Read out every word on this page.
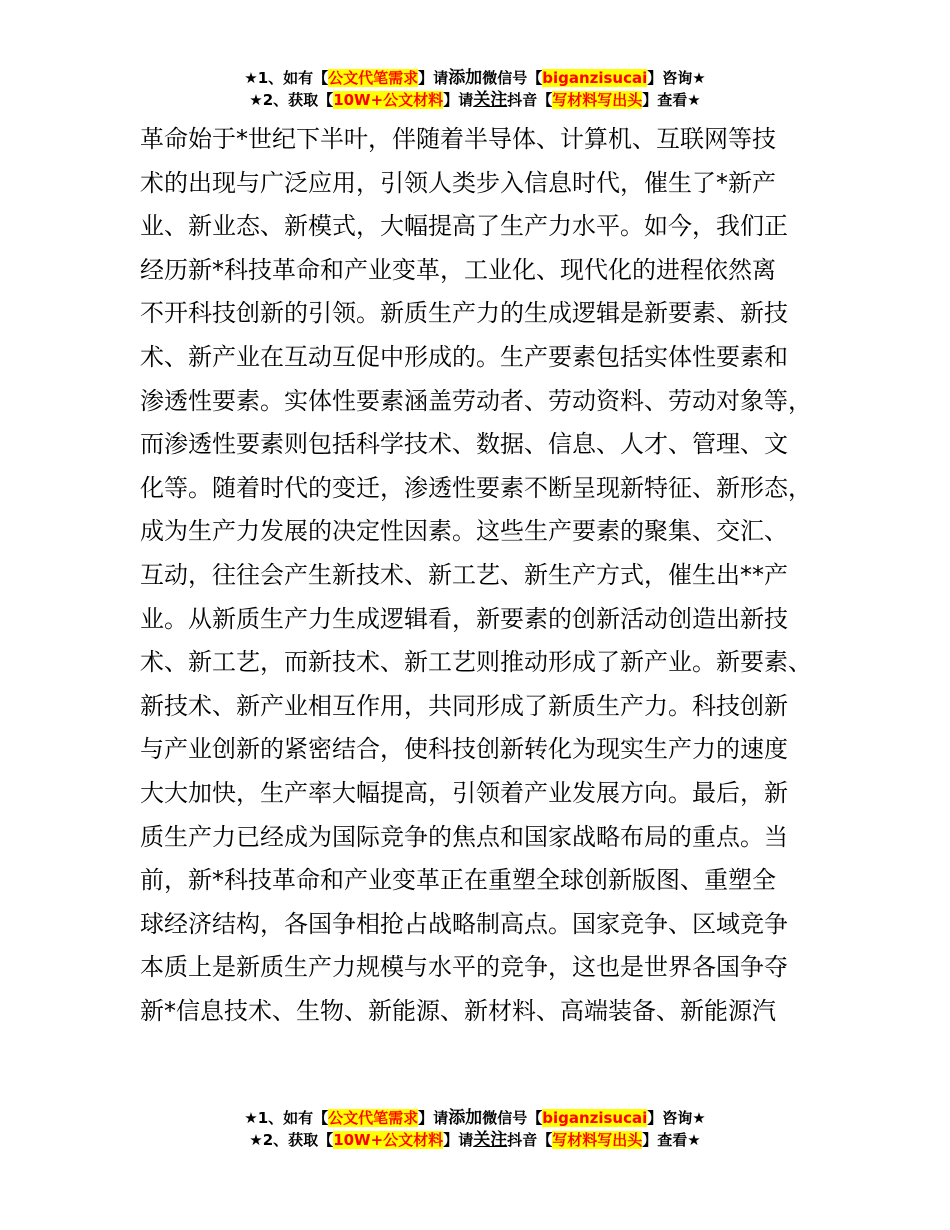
★1、如有【公文代笔需求】请添加微信号【biganzisucai】咨询★
★2、获取【10W+公文材料】请关注抖音【写材料写出头】查看★
革命始于*世纪下半叶，伴随着半导体、计算机、互联网等技
术的出现与广泛应用，引领人类步入信息时代，催生了*新产
业、新业态、新模式，大幅提高了生产力水平。如今，我们正
经历新*科技革命和产业变革，工业化、现代化的进程依然离
不开科技创新的引领。新质生产力的生成逻辑是新要素、新技
术、新产业在互动互促中形成的。生产要素包括实体性要素和
渗透性要素。实体性要素涵盖劳动者、劳动资料、劳动对象等，
而渗透性要素则包括科学技术、数据、信息、人才、管理、文
化等。随着时代的变迁，渗透性要素不断呈现新特征、新形态，
成为生产力发展的决定性因素。这些生产要素的聚集、交汇、
互动，往往会产生新技术、新工艺、新生产方式，催生出**产
业。从新质生产力生成逻辑看，新要素的创新活动创造出新技
术、新工艺，而新技术、新工艺则推动形成了新产业。新要素、
新技术、新产业相互作用，共同形成了新质生产力。科技创新
与产业创新的紧密结合，使科技创新转化为现实生产力的速度
大大加快，生产率大幅提高，引领着产业发展方向。最后，新
质生产力已经成为国际竞争的焦点和国家战略布局的重点。当
前，新*科技革命和产业变革正在重塑全球创新版图、重塑全
球经济结构，各国争相抢占战略制高点。国家竞争、区域竞争
本质上是新质生产力规模与水平的竞争，这也是世界各国争夺
新*信息技术、生物、新能源、新材料、高端装备、新能源汽
★1、如有【公文代笔需求】请添加微信号【biganzisucai】咨询★
★2、获取【10W+公文材料】请关注抖音【写材料写出头】查看★
